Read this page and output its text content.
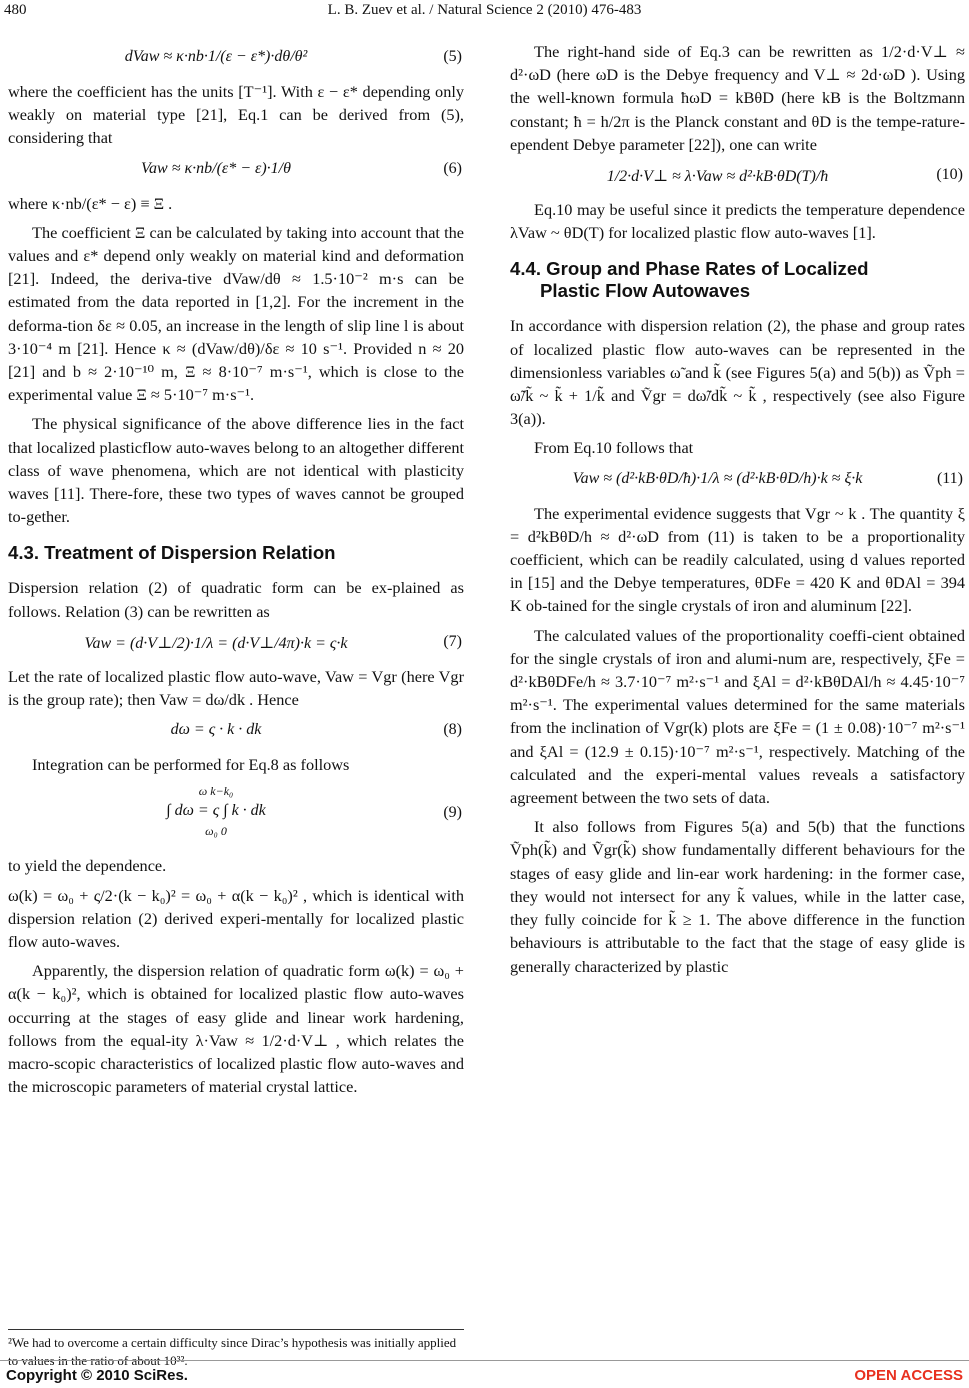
480	L. B. Zuev et al. / Natural Science 2 (2010) 476-483
dVaw ≈ κ·nb·1/(ε − ε*)·dθ/θ²	(5)

where the coefficient has the units [T⁻¹]. With ε − ε* depending only weakly on material type [21], Eq.1 can be derived from (5), considering that

Vaw ≈ κ·nb/(ε* − ε)·1/θ	(6)

where κ·nb/(ε* − ε) ≡ Ξ .

The coefficient Ξ can be calculated by taking into account that the values and ε* depend only weakly on material kind and deformation [21]. Indeed, the deriva-tive dVaw/dθ ≈ 1.5·10⁻² m·s can be estimated from the data reported in [1,2]. For the increment in the deforma-tion δε ≈ 0.05, an increase in the length of slip line l is about 3·10⁻⁴ m [21]. Hence κ ≈ (dVaw/dθ)/δε ≈ 10 s⁻¹. Provided n ≈ 20 [21] and b ≈ 2·10⁻¹⁰ m, Ξ ≈ 8·10⁻⁷ m·s⁻¹, which is close to the experimental value Ξ ≈ 5·10⁻⁷ m·s⁻¹.

The physical significance of the above difference lies in the fact that localized plasticflow auto-waves belong to an altogether different class of wave phenomena, which are not identical with plasticity waves [11]. There-fore, these two types of waves cannot be grouped to-gether.

4.3. Treatment of Dispersion Relation

Dispersion relation (2) of quadratic form can be ex-plained as follows. Relation (3) can be rewritten as

Vaw = (d·V⊥/2)·1/λ = (d·V⊥/4π)·k = ς·k	(7)

Let the rate of localized plastic flow auto-wave, Vaw = Vgr (here Vgr is the group rate); then Vaw = dω/dk . Hence

dω = ς · k · dk	(8)

Integration can be performed for Eq.8 as follows

ω k−k₀
∫ dω = ς ∫ k · dk
ω₀ 0
(9)

to yield the dependence.

ω(k) = ω₀ + ς/2·(k − k₀)² = ω₀ + α(k − k₀)² , which is identical with dispersion relation (2) derived experi-mentally for localized plastic flow auto-waves.

Apparently, the dispersion relation of quadratic form ω(k) = ω₀ + α(k − k₀)², which is obtained for localized plastic flow auto-waves occurring at the stages of easy glide and linear work hardening, follows from the equal-ity λ·Vaw ≈ 1/2·d·V⊥ , which relates the macro-scopic characteristics of localized plastic flow auto-waves and the microscopic parameters of material crystal lattice.

²We had to overcome a certain difficulty since Dirac’s hypothesis was initially applied to values in the ratio of about 10³².

The right-hand side of Eq.3 can be rewritten as 1/2·d·V⊥ ≈ d²·ωD (here ωD is the Debye frequency and V⊥ ≈ 2d·ωD ). Using the well-known formula ħωD = kBθD (here kB is the Boltzmann constant; ħ = h/2π is the Planck constant and θD is the tempe-rature-ependent Debye parameter [22]), one can write

1/2·d·V⊥ ≈ λ·Vaw ≈ d²·kB·θD(T)/ħ	(10)

Eq.10 may be useful since it predicts the temperature dependence λVaw ~ θD(T) for localized plastic flow auto-waves [1].

4.4. Group and Phase Rates of Localized
Plastic Flow Autowaves

In accordance with dispersion relation (2), the phase and group rates of localized plastic flow auto-waves can be represented in the dimensionless variables ω̃ and k̃ (see Figures 5(a) and 5(b)) as Ṽph = ω̃/k̃ ~ k̃ + 1/k̃ and Ṽgr = dω̃/dk̃ ~ k̃ , respectively (see also Figure 3(a)).

From Eq.10 follows that

Vaw ≈ (d²·kB·θD/ħ)·1/λ ≈ (d²·kB·θD/h)·k ≈ ξ·k	(11)

The experimental evidence suggests that Vgr ~ k . The quantity ξ = d²kBθD/h ≈ d²·ωD from (11) is taken to be a proportionality coefficient, which can be readily calculated, using d values reported in [15] and the Debye temperatures, θDFe = 420 K and θDAl = 394 K ob-tained for the single crystals of iron and aluminum [22].

The calculated values of the proportionality coeffi-cient obtained for the single crystals of iron and alumi-num are, respectively, ξFe = d²·kBθDFe/h ≈ 3.7·10⁻⁷ m²·s⁻¹ and ξAl = d²·kBθDAl/h ≈ 4.45·10⁻⁷ m²·s⁻¹. The experimental values determined for the same materials from the inclination of Vgr(k) plots are ξFe = (1 ± 0.08)·10⁻⁷ m²·s⁻¹ and ξAl = (12.9 ± 0.15)·10⁻⁷ m²·s⁻¹, respectively. Matching of the calculated and the experi-mental values reveals a satisfactory agreement between the two sets of data.

It also follows from Figures 5(a) and 5(b) that the functions Ṽph(k̃) and Ṽgr(k̃) show fundamentally different behaviours for the stages of easy glide and lin-ear work hardening: in the former case, they would not intersect for any k̃ values, while in the latter case, they fully coincide for k̃ ≥ 1. The above difference in the function behaviours is attributable to the fact that the stage of easy glide is generally characterized by plastic

Copyright © 2010 SciRes.	OPEN ACCESS
